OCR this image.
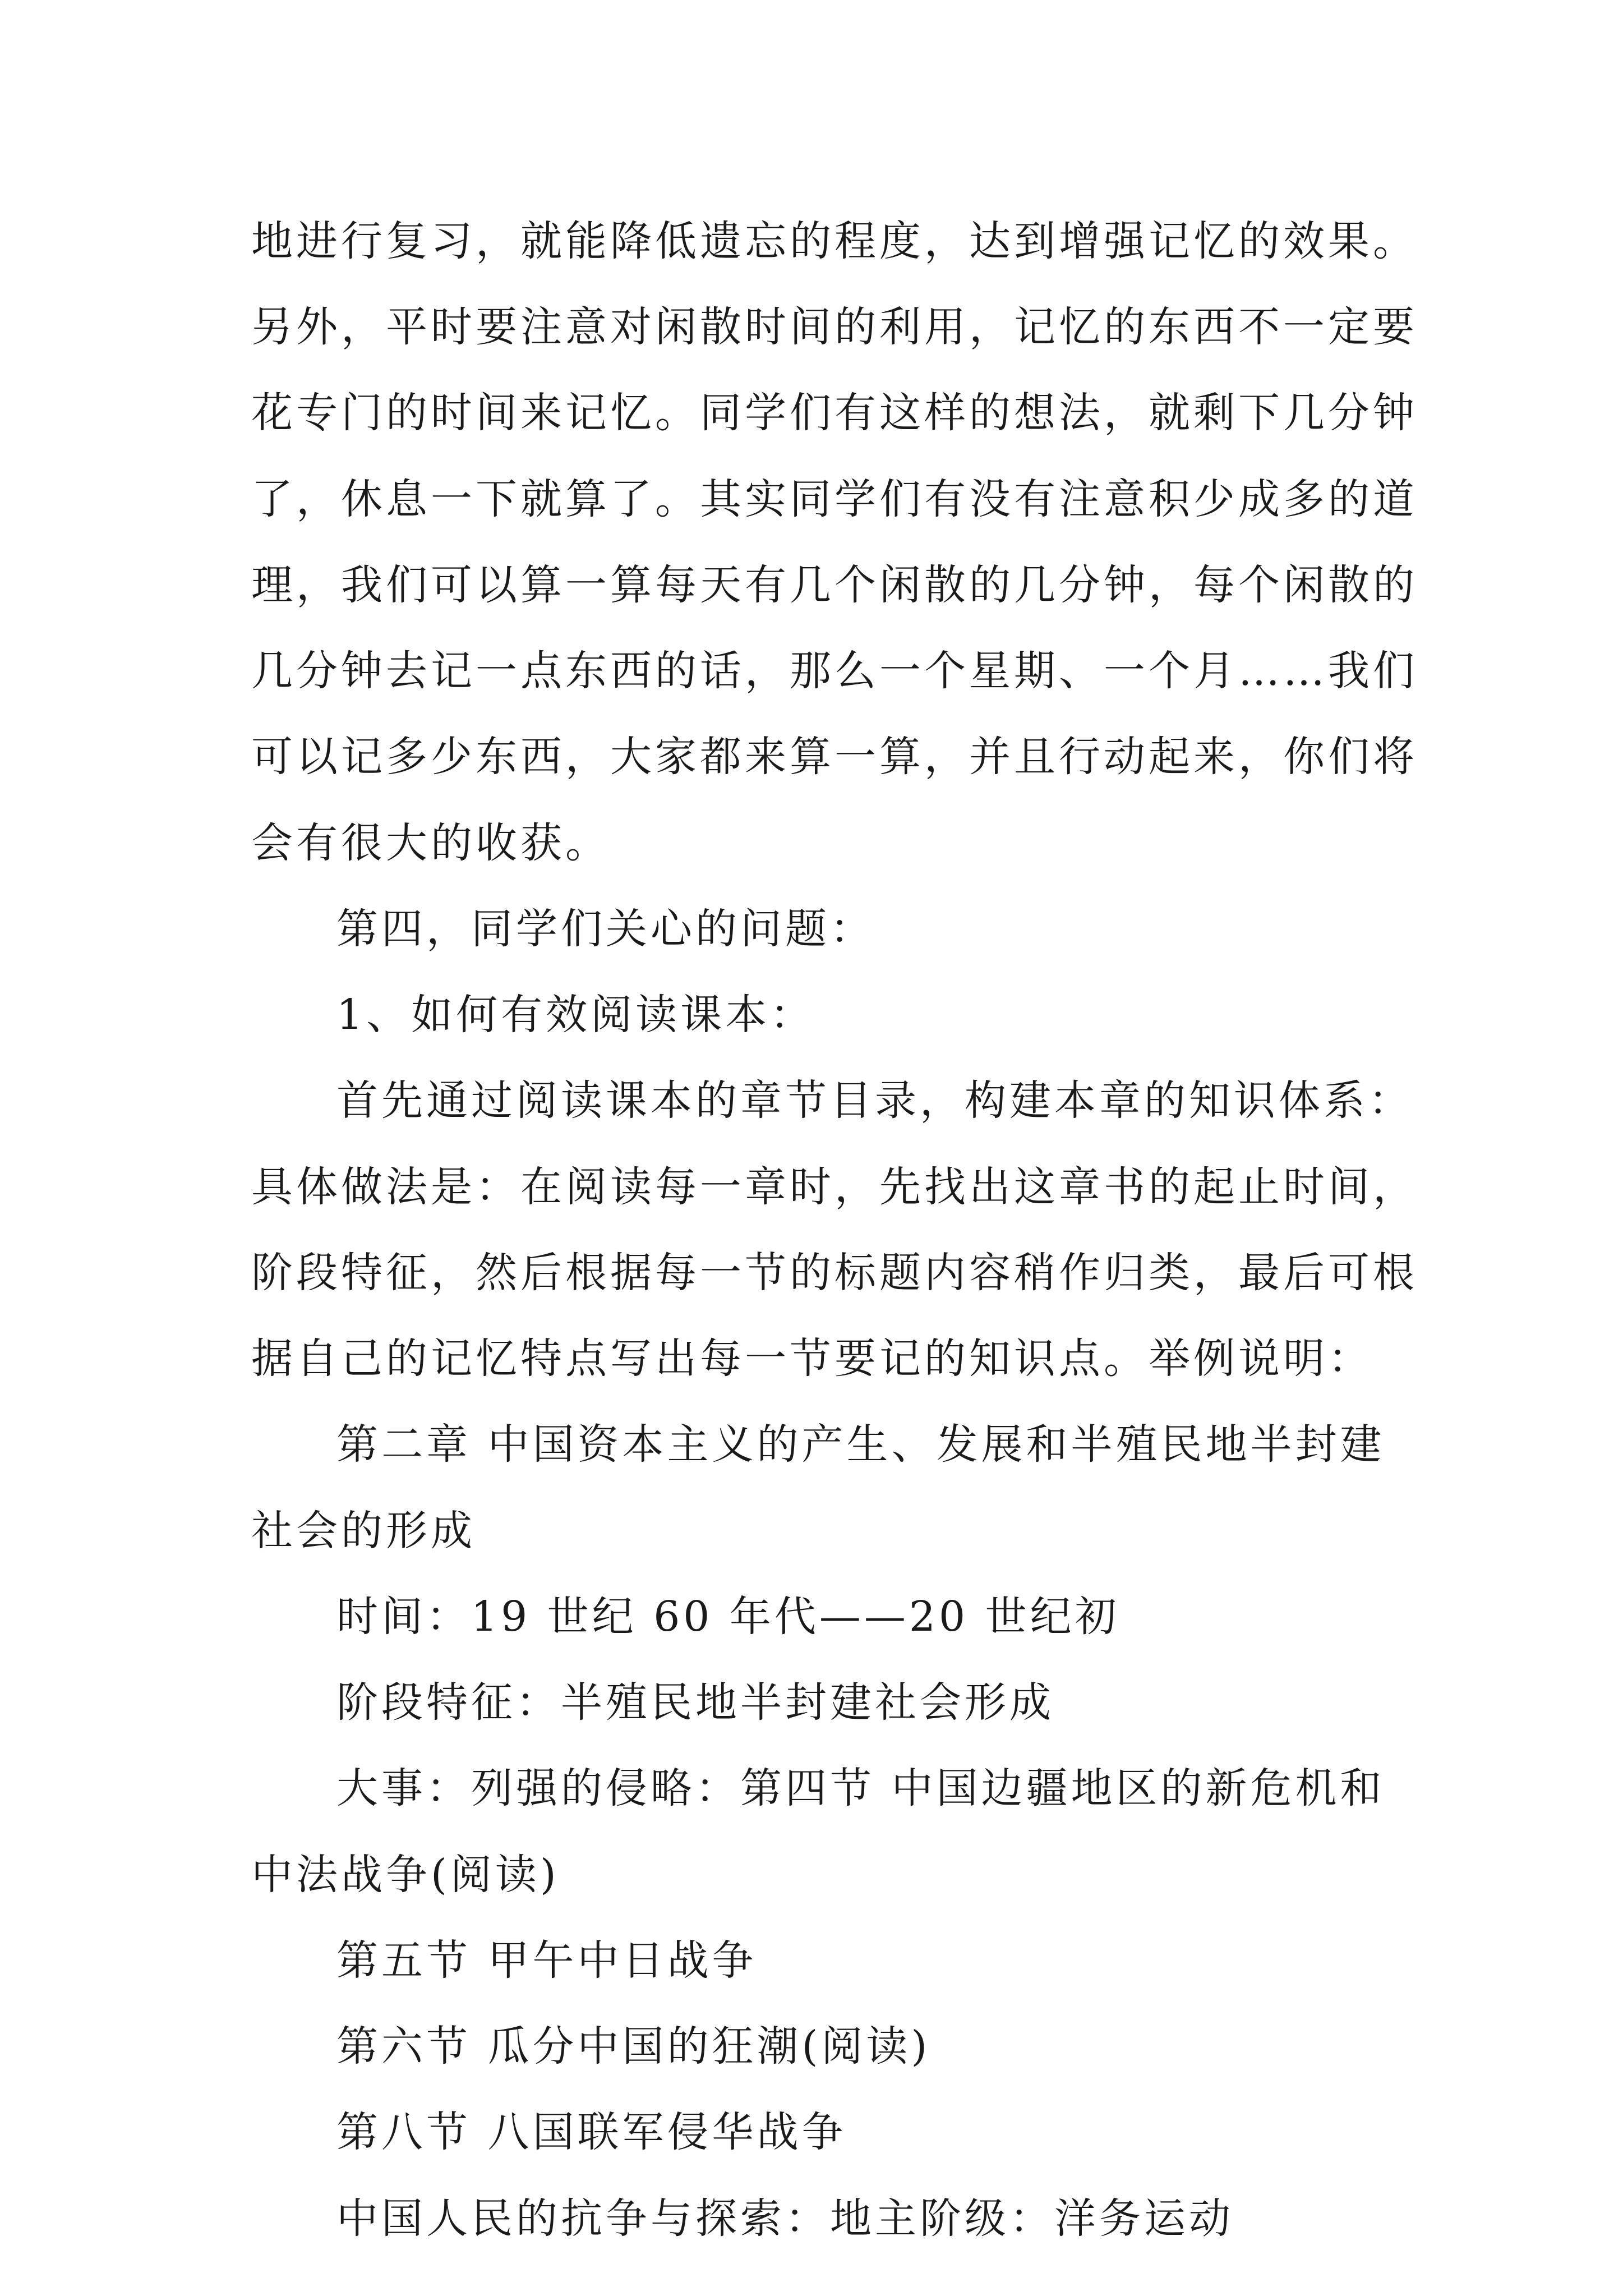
地进行复习，就能降低遗忘的程度，达到增强记忆的效果。

另外，平时要注意对闲散时间的利用，记忆的东西不一定要

花专门的时间来记忆。同学们有这样的想法，就剩下几分钟

了，休息一下就算了。其实同学们有没有注意积少成多的道

理，我们可以算一算每天有几个闲散的几分钟，每个闲散的

几分钟去记一点东西的话，那么一个星期、一个月……我们

可以记多少东西，大家都来算一算，并且行动起来，你们将

会有很大的收获。

第四，同学们关心的问题：

1、如何有效阅读课本：

首先通过阅读课本的章节目录，构建本章的知识体系：

具体做法是：在阅读每一章时，先找出这章书的起止时间，

阶段特征，然后根据每一节的标题内容稍作归类，最后可根

据自己的记忆特点写出每一节要记的知识点。举例说明：

第二章 中国资本主义的产生、发展和半殖民地半封建

社会的形成

时间：19 世纪 60 年代——20 世纪初

阶段特征：半殖民地半封建社会形成

大事：列强的侵略：第四节 中国边疆地区的新危机和

中法战争(阅读)

第五节 甲午中日战争

第六节 瓜分中国的狂潮(阅读)

第八节 八国联军侵华战争

中国人民的抗争与探索：地主阶级：洋务运动
